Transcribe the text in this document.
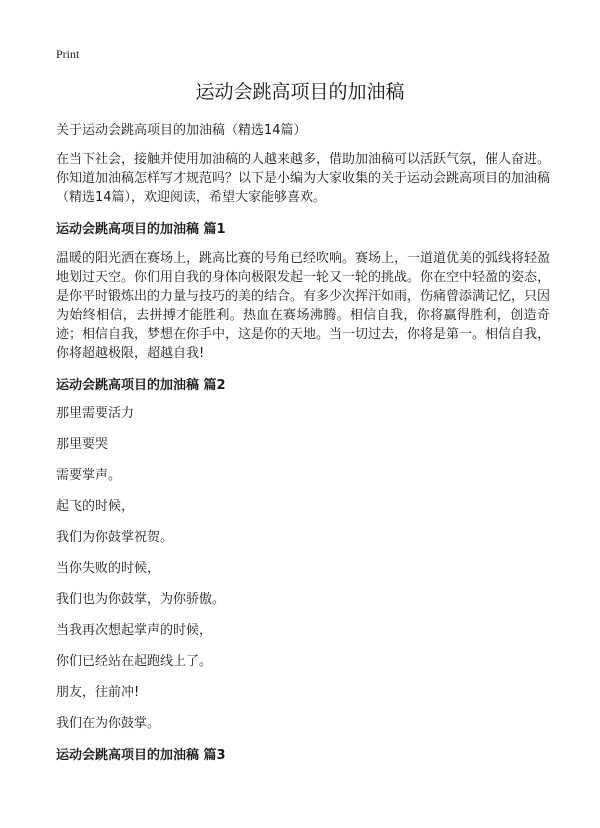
Print
运动会跳高项目的加油稿
关于运动会跳高项目的加油稿（精选14篇）
在当下社会，接触并使用加油稿的人越来越多，借助加油稿可以活跃气氛，催人奋进。你知道加油稿怎样写才规范吗？以下是小编为大家收集的关于运动会跳高项目的加油稿（精选14篇），欢迎阅读，希望大家能够喜欢。
运动会跳高项目的加油稿 篇1
温暖的阳光洒在赛场上，跳高比赛的号角已经吹响。赛场上，一道道优美的弧线将轻盈地划过天空。你们用自我的身体向极限发起一轮又一轮的挑战。你在空中轻盈的姿态，是你平时锻炼出的力量与技巧的美的结合。有多少次挥汗如雨，伤痛曾添满记忆，只因为始终相信，去拼搏才能胜利。热血在赛场沸腾。相信自我，你将赢得胜利，创造奇迹；相信自我，梦想在你手中，这是你的天地。当一切过去，你将是第一。相信自我，你将超越极限，超越自我!
运动会跳高项目的加油稿 篇2
那里需要活力
那里要哭
需要掌声。
起飞的时候，
我们为你鼓掌祝贺。
当你失败的时候，
我们也为你鼓掌，为你骄傲。
当我再次想起掌声的时候，
你们已经站在起跑线上了。
朋友，往前冲!
我们在为你鼓掌。
运动会跳高项目的加油稿 篇3
